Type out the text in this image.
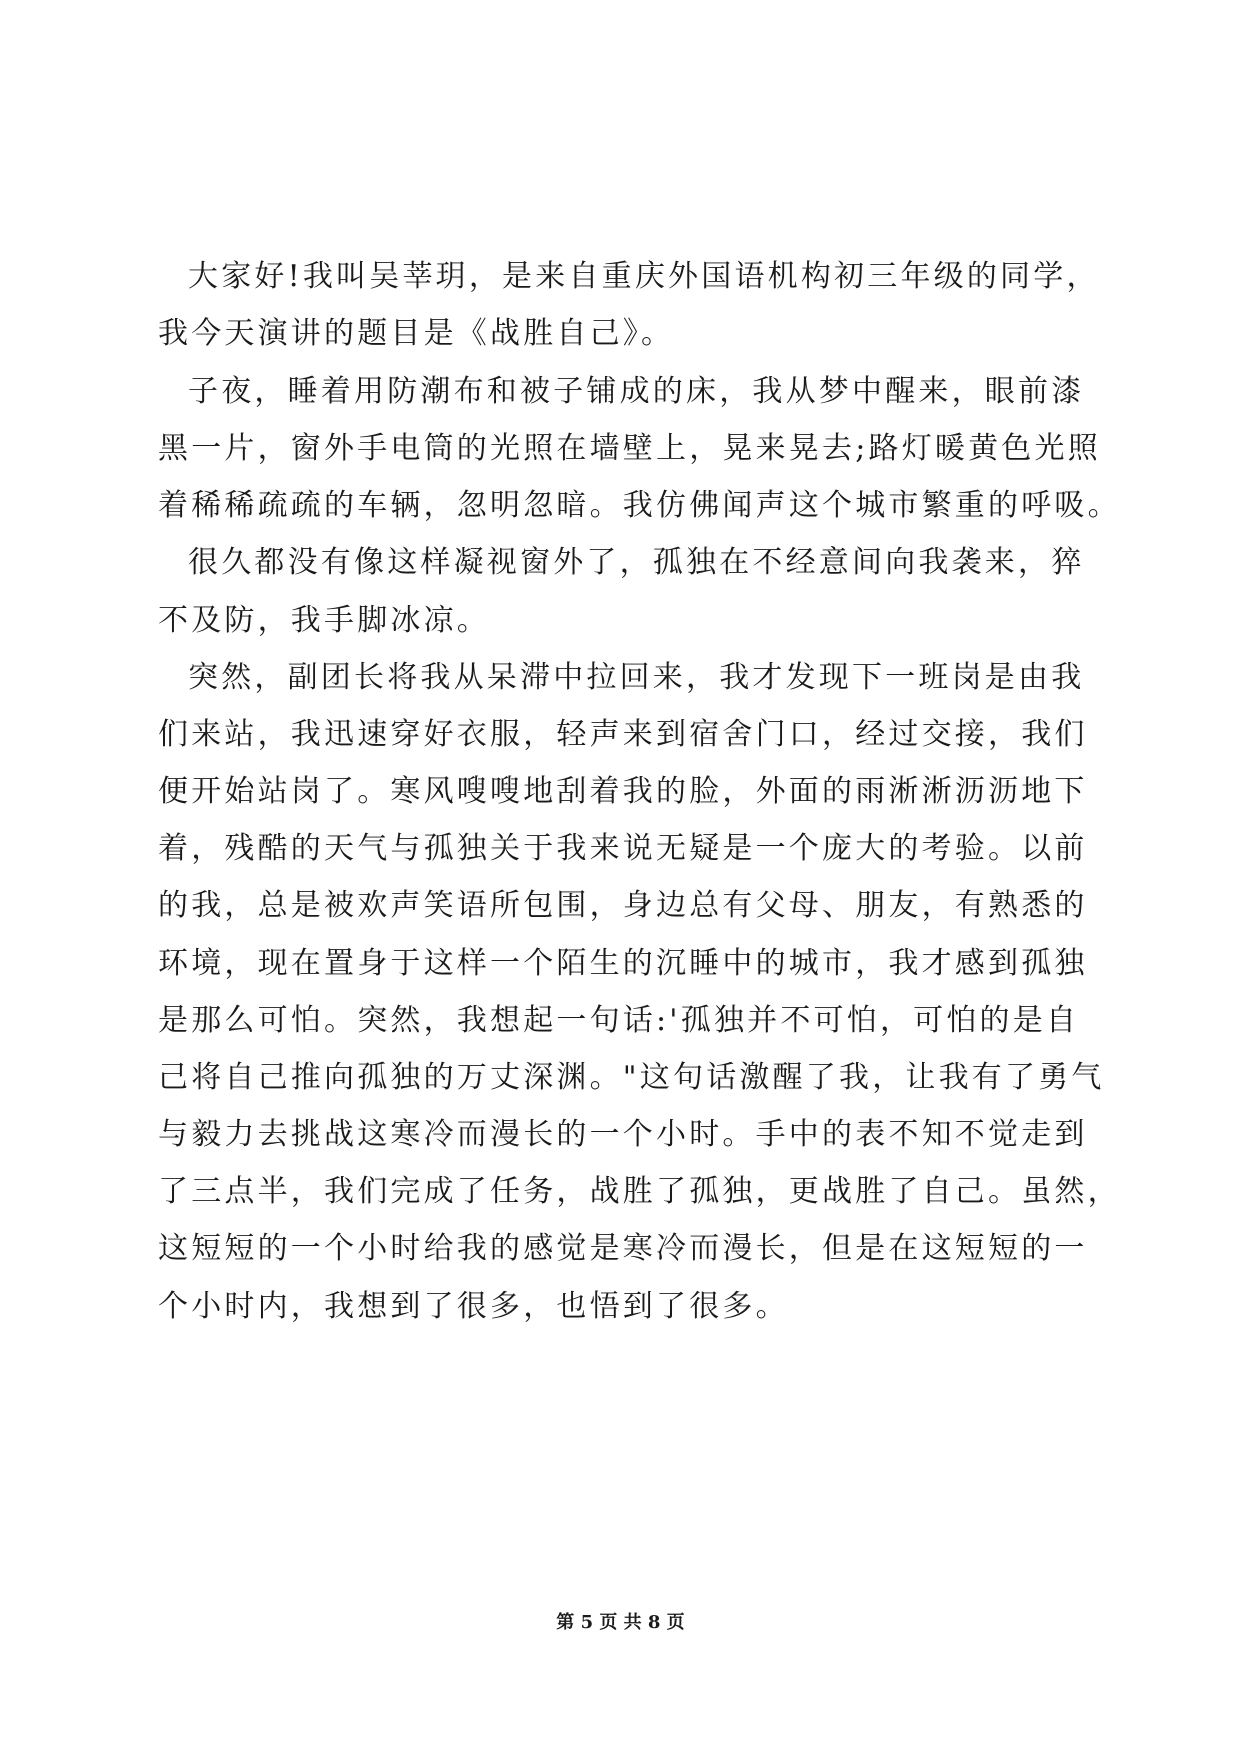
大家好!我叫吴莘玥，是来自重庆外国语机构初三年级的同学，
我今天演讲的题目是《战胜自己》。
子夜，睡着用防潮布和被子铺成的床，我从梦中醒来，眼前漆
黑一片，窗外手电筒的光照在墙壁上，晃来晃去;路灯暖黄色光照
着稀稀疏疏的车辆，忽明忽暗。我仿佛闻声这个城市繁重的呼吸。
很久都没有像这样凝视窗外了，孤独在不经意间向我袭来，猝
不及防，我手脚冰凉。
突然，副团长将我从呆滞中拉回来，我才发现下一班岗是由我
们来站，我迅速穿好衣服，轻声来到宿舍门口，经过交接，我们
便开始站岗了。寒风嗖嗖地刮着我的脸，外面的雨淅淅沥沥地下
着，残酷的天气与孤独关于我来说无疑是一个庞大的考验。以前
的我，总是被欢声笑语所包围，身边总有父母、朋友，有熟悉的
环境，现在置身于这样一个陌生的沉睡中的城市，我才感到孤独
是那么可怕。突然，我想起一句话:'孤独并不可怕，可怕的是自
己将自己推向孤独的万丈深渊。"这句话激醒了我，让我有了勇气
与毅力去挑战这寒冷而漫长的一个小时。手中的表不知不觉走到
了三点半，我们完成了任务，战胜了孤独，更战胜了自己。虽然，
这短短的一个小时给我的感觉是寒冷而漫长，但是在这短短的一
个小时内，我想到了很多，也悟到了很多。
第 5 页 共 8 页
